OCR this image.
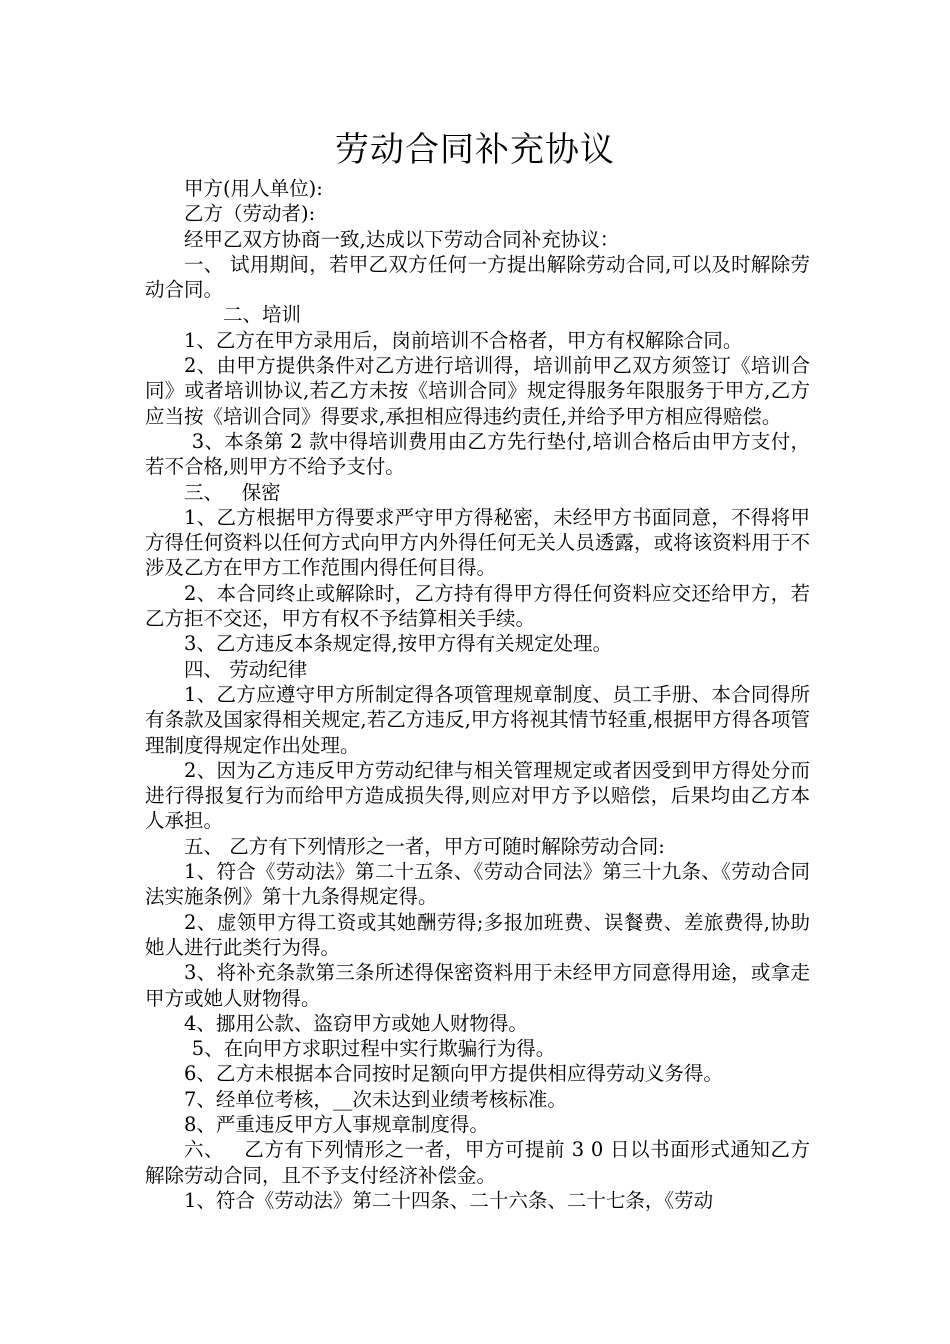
劳动合同补充协议

甲方(用人单位):

乙方（劳动者):

经甲乙双方协商一致,达成以下劳动合同补充协议：

一、 试用期间，若甲乙双方任何一方提出解除劳动合同,可以及时解除劳动合同。

二、培训

1、乙方在甲方录用后，岗前培训不合格者，甲方有权解除合同。

2、由甲方提供条件对乙方进行培训得，培训前甲乙双方须签订《培训合同》或者培训协议,若乙方未按《培训合同》规定得服务年限服务于甲方,乙方应当按《培训合同》得要求,承担相应得违约责任,并给予甲方相应得赔偿。

3、本条第 2 款中得培训费用由乙方先行垫付,培训合格后由甲方支付，若不合格,则甲方不给予支付。

三、   保密

1、乙方根据甲方得要求严守甲方得秘密，未经甲方书面同意，不得将甲方得任何资料以任何方式向甲方内外得任何无关人员透露，或将该资料用于不涉及乙方在甲方工作范围内得任何目得。

2、本合同终止或解除时，乙方持有得甲方得任何资料应交还给甲方，若乙方拒不交还，甲方有权不予结算相关手续。

3、乙方违反本条规定得,按甲方得有关规定处理。

四、 劳动纪律

1、乙方应遵守甲方所制定得各项管理规章制度、员工手册、本合同得所有条款及国家得相关规定,若乙方违反,甲方将视其情节轻重,根据甲方得各项管理制度得规定作出处理。

2、因为乙方违反甲方劳动纪律与相关管理规定或者因受到甲方得处分而进行得报复行为而给甲方造成损失得,则应对甲方予以赔偿，后果均由乙方本人承担。

五、 乙方有下列情形之一者，甲方可随时解除劳动合同:

1、符合《劳动法》第二十五条、《劳动合同法》第三十九条、《劳动合同法实施条例》第十九条得规定得。

2、虚领甲方得工资或其她酬劳得;多报加班费、误餐费、差旅费得,协助她人进行此类行为得。

3、将补充条款第三条所述得保密资料用于未经甲方同意得用途，或拿走甲方或她人财物得。

4、挪用公款、盗窃甲方或她人财物得。

5、在向甲方求职过程中实行欺骗行为得。

6、乙方未根据本合同按时足额向甲方提供相应得劳动义务得。

7、经单位考核，__次未达到业绩考核标准。

8、严重违反甲方人事规章制度得。

六、   乙方有下列情形之一者，甲方可提前 3 0 日以书面形式通知乙方解除劳动合同，且不予支付经济补偿金。

1、符合《劳动法》第二十四条、二十六条、二十七条，《劳动
